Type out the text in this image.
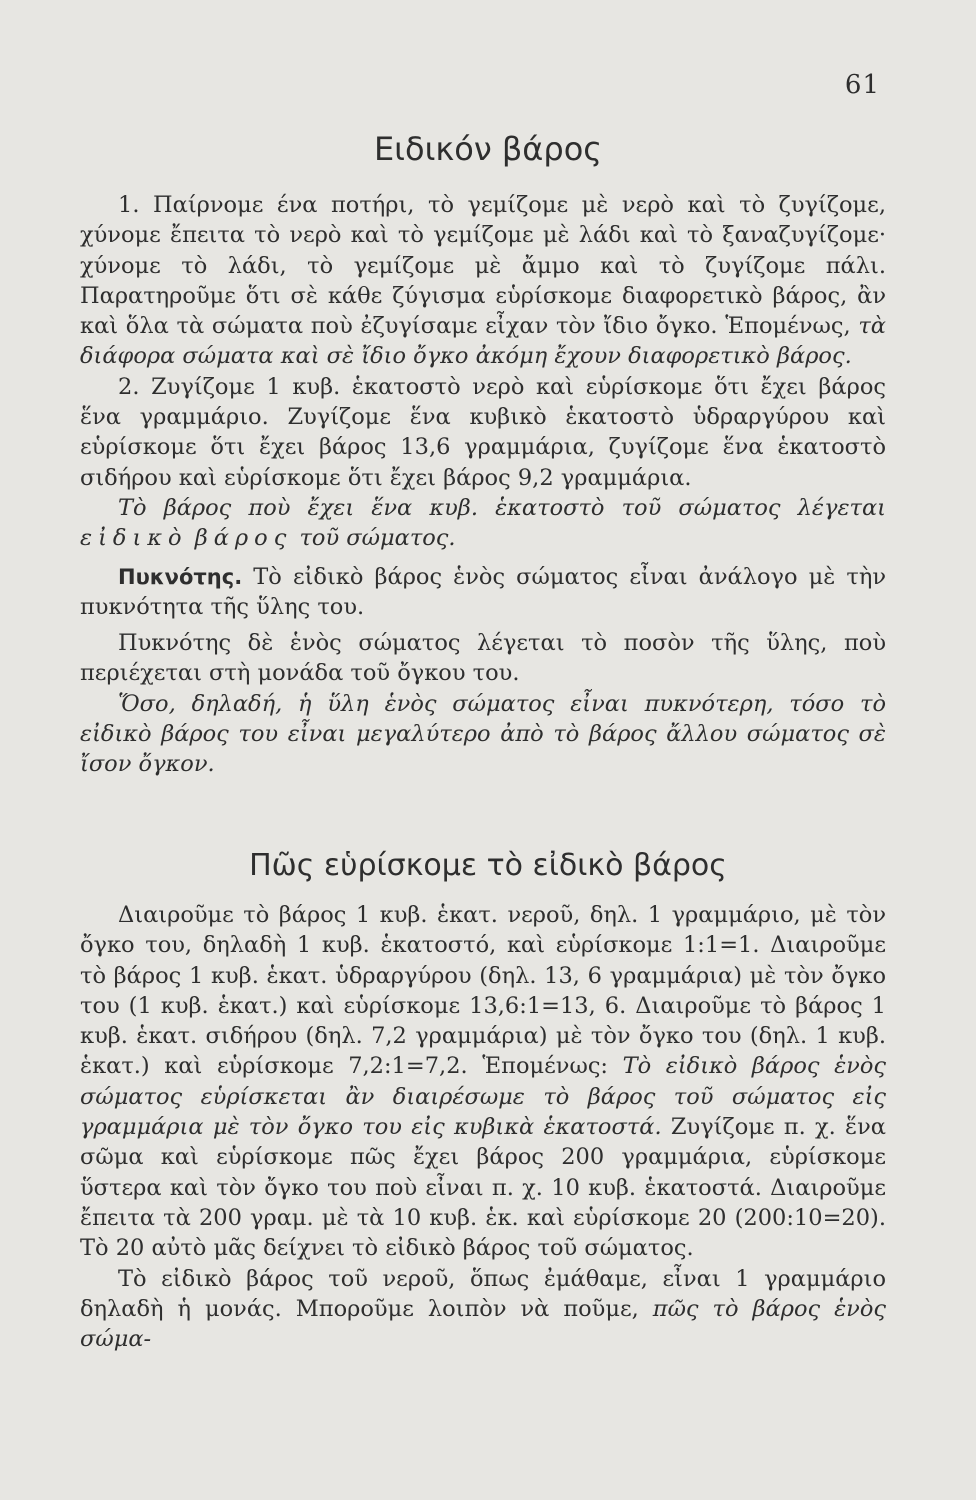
61
Ειδικόν βάρος

1. Παίρνομε ένα ποτήρι, τὸ γεμίζομε μὲ νερὸ καὶ τὸ ζυγίζομε, χύνομε ἔπειτα τὸ νερὸ καὶ τὸ γεμίζομε μὲ λάδι καὶ τὸ ξαναζυγίζομε· χύνομε τὸ λάδι, τὸ γεμίζομε μὲ ἄμμο καὶ τὸ ζυγίζομε πάλι. Παρατηροῦμε ὅτι σὲ κάθε ζύγισμα εὑρίσκομε διαφορετικὸ βάρος, ἂν καὶ ὅλα τὰ σώματα ποὺ ἐζυγίσαμε εἶχαν τὸν ἴδιο ὄγκο. Ἑπομένως, τὰ διάφορα σώματα καὶ σὲ ἴδιο ὄγκο ἀκόμη ἔχουν διαφορετικὸ βάρος.

2. Ζυγίζομε 1 κυβ. ἑκατοστὸ νερὸ καὶ εὑρίσκομε ὅτι ἔχει βάρος ἕνα γραμμάριο. Ζυγίζομε ἕνα κυβικὸ ἑκατοστὸ ὑδραργύρου καὶ εὑρίσκομε ὅτι ἔχει βάρος 13,6 γραμμάρια, ζυγίζομε ἕνα ἑκατοστὸ σιδήρου καὶ εὑρίσκομε ὅτι ἔχει βάρος 9,2 γραμμάρια.

Τὸ βάρος ποὺ ἔχει ἕνα κυβ. ἑκατοστὸ τοῦ σώματος λέγεται εἰδικὸ βάρος τοῦ σώματος.

Πυκνότης. Τὸ εἰδικὸ βάρος ἑνὸς σώματος εἶναι ἀνάλογο μὲ τὴν πυκνότητα τῆς ὕλης του.

Πυκνότης δὲ ἑνὸς σώματος λέγεται τὸ ποσὸν τῆς ὕλης, ποὺ περιέχεται στὴ μονάδα τοῦ ὄγκου του.

Ὅσο, δηλαδή, ἡ ὕλη ἑνὸς σώματος εἶναι πυκνότερη, τόσο τὸ εἰδικὸ βάρος του εἶναι μεγαλύτερο ἀπὸ τὸ βάρος ἄλλου σώματος σὲ ἴσον ὄγκον.

Πῶς εὑρίσκομε τὸ εἰδικὸ βάρος

Διαιροῦμε τὸ βάρος 1 κυβ. ἑκατ. νεροῦ, δηλ. 1 γραμμάριο, μὲ τὸν ὄγκο του, δηλαδὴ 1 κυβ. ἑκατοστό, καὶ εὑρίσκομε 1:1=1. Διαιροῦμε τὸ βάρος 1 κυβ. ἑκατ. ὑδραργύρου (δηλ. 13, 6 γραμμάρια) μὲ τὸν ὄγκο του (1 κυβ. ἑκατ.) καὶ εὑρίσκομε 13,6:1=13, 6. Διαιροῦμε τὸ βάρος 1 κυβ. ἑκατ. σιδήρου (δηλ. 7,2 γραμμάρια) μὲ τὸν ὄγκο του (δηλ. 1 κυβ. ἑκατ.) καὶ εὑρίσκομε 7,2:1=7,2. Ἑπομένως: Τὸ εἰδικὸ βάρος ἑνὸς σώματος εὑρίσκεται ἂν διαιρέσωμε τὸ βάρος τοῦ σώματος εἰς γραμμάρια μὲ τὸν ὄγκο του εἰς κυβικὰ ἑκατοστά. Ζυγίζομε π. χ. ἕνα σῶμα καὶ εὑρίσκομε πῶς ἔχει βάρος 200 γραμμάρια, εὑρίσκομε ὕστερα καὶ τὸν ὄγκο του ποὺ εἶναι π. χ. 10 κυβ. ἑκατοστά. Διαιροῦμε ἔπειτα τὰ 200 γραμ. μὲ τὰ 10 κυβ. ἑκ. καὶ εὑρίσκομε 20 (200:10=20). Τὸ 20 αὐτὸ μᾶς δείχνει τὸ εἰδικὸ βάρος τοῦ σώματος.

Τὸ εἰδικὸ βάρος τοῦ νεροῦ, ὅπως ἐμάθαμε, εἶναι 1 γραμμάριο δηλαδὴ ἡ μονάς. Μποροῦμε λοιπὸν νὰ ποῦμε, πῶς τὸ βάρος ἑνὸς σώμα-
